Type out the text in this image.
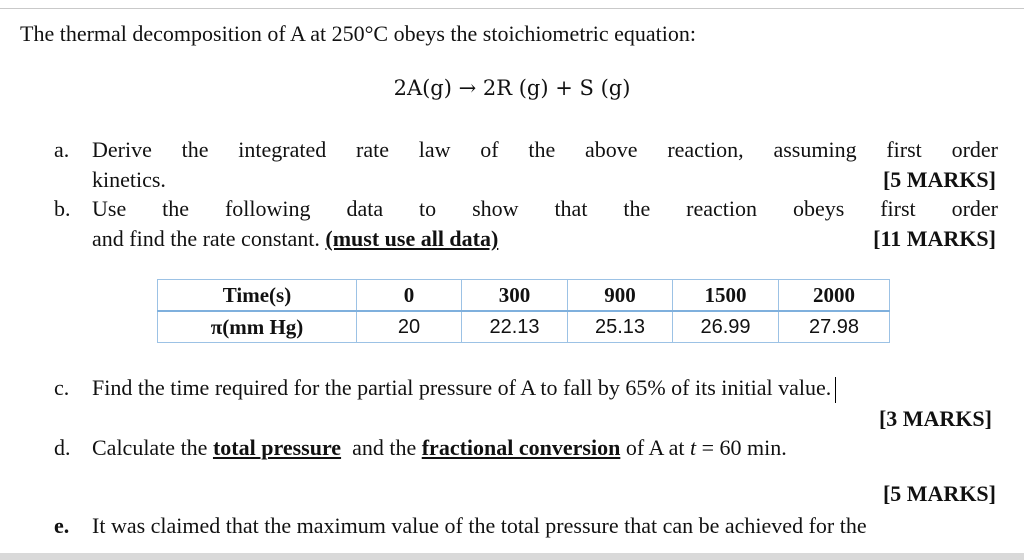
The thermal decomposition of A at 250°C obeys the stoichiometric equation:
2A(g) → 2R (g) + S (g)
a. Derive the integrated rate law of the above reaction, assuming first order
kinetics.	[5 MARKS]
b. Use the following data to show that the reaction obeys first order
and find the rate constant. (must use all data)	[11 MARKS]
Time(s)	0	300	900	1500	2000
π(mm Hg)	20	22.13	25.13	26.99	27.98
c. Find the time required for the partial pressure of A to fall by 65% of its initial value.
[3 MARKS]
d. Calculate the total pressure  and the fractional conversion of A at t = 60 min.
[5 MARKS]
e. It was claimed that the maximum value of the total pressure that can be achieved for the
